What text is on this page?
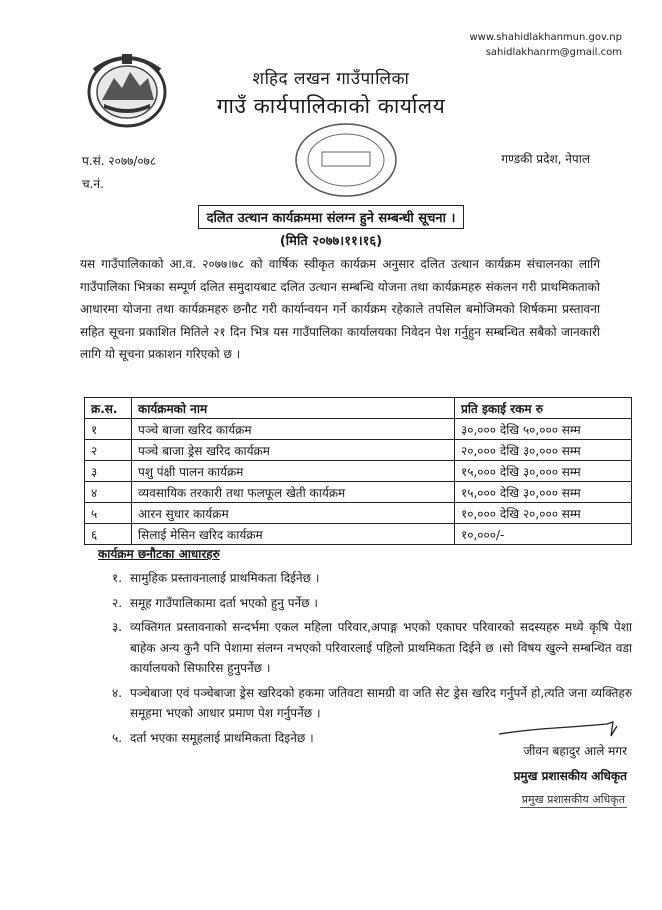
www.shahidlakhanmun.gov.np
sahidlakhanrm@gmail.com
शहिद लखन गाउँपालिका
गाउँ कार्यपालिकाको कार्यालय
प.सं. २०७७/०७८
च.नं.
गण्डकी प्रदेश, नेपाल
दलित उत्थान कार्यक्रममा संलग्न हुने सम्बन्धी सूचना ।
(मिति २०७७।११।१६)
यस गाउँपालिकाको आ.व. २०७७।७८ को वार्षिक स्वीकृत कार्यक्रम अनुसार दलित उत्थान कार्यक्रम संचालनका लागि गाउँपालिका भित्रका सम्पूर्ण दलित समुदायबाट दलित उत्थान सम्बन्धि योजना तथा कार्यक्रमहरु संकलन गरी प्राथमिकताको आधारमा योजना तथा कार्यक्रमहरु छनौट गरी कार्यान्वयन गर्ने कार्यक्रम रहेकाले तपसिल बमोजिमको शिर्षकमा प्रस्तावना सहित सूचना प्रकाशित मितिले २१ दिन भित्र यस गाउँपालिका कार्यालयका निवेदन पेश गर्नुहुन सम्बन्धित सबैको जानकारी लागि यो सूचना प्रकाशन गरिएको छ ।
क्र.स.	कार्यक्रमको नाम	प्रति इकाई रकम रु
१	पञ्चे बाजा खरिद कार्यक्रम	३०,००० देखि ५०,००० सम्म
२	पञ्चे बाजा ड्रेस खरिद कार्यक्रम	२०,००० देखि ३०,००० सम्म
३	पशु पंक्षी पालन कार्यक्रम	१५,००० देखि ३०,००० सम्म
४	व्यवसायिक तरकारी तथा फलफूल खेती कार्यक्रम	१५,००० देखि ३०,००० सम्म
५	आरन सुधार कार्यक्रम	१०,००० देखि २०,००० सम्म
६	सिलाई मेसिन खरिद कार्यक्रम	१०,०००/-
कार्यक्रम छनौटका आधारहरु
१. सामुहिक प्रस्तावनालाई प्राथमिकता दिईनेछ ।
२. समूह गाउँपालिकामा दर्ता भएको हुनु पर्नेछ ।
३. व्यक्तिगत प्रस्तावनाको सन्दर्भमा एकल महिला परिवार,अपाङ्ग भएको एकाघर परिवारको सदस्यहरु मध्ये कृषि पेशा बाहेक अन्य कुनै पनि पेशामा संलग्न नभएको परिवारलाई पहिलो प्राथमिकता दिईने छ ।सो विषय खुल्ने सम्बन्धित वडा कार्यालयको सिफारिस हुनुपर्नेछ ।
४. पञ्चेबाजा एवं पञ्चेबाजा ड्रेस खरिदको हकमा जतिवटा सामग्री वा जति सेट ड्रेस खरिद गर्नुपर्ने हो,त्यति जना व्यक्तिहरु समूहमा भएको आधार प्रमाण पेश गर्नुपर्नेछ ।
५. दर्ता भएका समूहलाई प्राथमिकता दिइनेछ ।
जीवन बहादुर आले मगर
प्रमुख प्रशासकीय अधिकृत
प्रमुख प्रशासकीय अधिकृत
